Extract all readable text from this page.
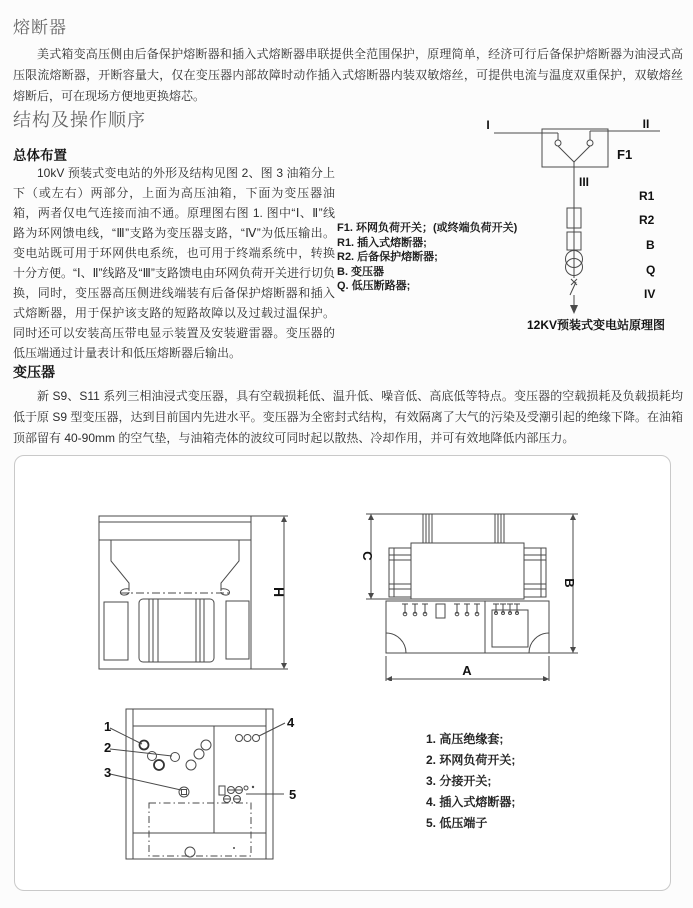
熔断器

美式箱变高压侧由后备保护熔断器和插入式熔断器串联提供全范围保护，原理简单，经济可行后备保护熔断器为油浸式高压限流熔断器，开断容量大，仅在变压器内部故障时动作插入式熔断器内装双敏熔丝，可提供电流与温度双重保护，双敏熔丝熔断后，可在现场方便地更换熔芯。

结构及操作顺序
总体布置

10kV 预装式变电站的外形及结构见图 2、图 3 油箱分上下（或左右）两部分，上面为高压油箱，下面为变压器油箱，两者仅电气连接而油不通。原理图右图 1. 图中“Ⅰ、Ⅱ”线路为环网馈电线，“Ⅲ”支路为变压器支路，“Ⅳ”为低压输出。变电站既可用于环网供电系统，也可用于终端系统中，转换十分方便。“Ⅰ、Ⅱ”线路及“Ⅲ”支路馈电由环网负荷开关进行切负换，同时，变压器高压侧进线端装有后备保护熔断器和插入式熔断器，用于保护该支路的短路故障以及过载过温保护。同时还可以安装高压带电显示装置及安装避雷器。变压器的低压端通过计量表计和低压熔断器后输出。

I	II
F1
III
R1
R2
B
Q
IV
F1. 环网负荷开关；(或终端负荷开关)
R1. 插入式熔断器;
R2. 后备保护熔断器;
B. 变压器
Q. 低压断路器;
12KV预装式变电站原理图
变压器

新 S9、S11 系列三相油浸式变压器，具有空载损耗低、温升低、噪音低、高底低等特点。变压器的空载损耗及负载损耗均低于原 S9 型变压器，达到目前国内先进水平。变压器为全密封式结构，有效隔离了大气的污染及受潮引起的绝缘下降。在油箱顶部留有 40-90mm 的空气垫，与油箱壳体的波纹可同时起以散热、冷却作用，并可有效地降低内部压力。

H
A
B
C
1
2
3
4
5
1. 高压绝缘套;
2. 环网负荷开关;
3. 分接开关;
4. 插入式熔断器;
5. 低压端子
